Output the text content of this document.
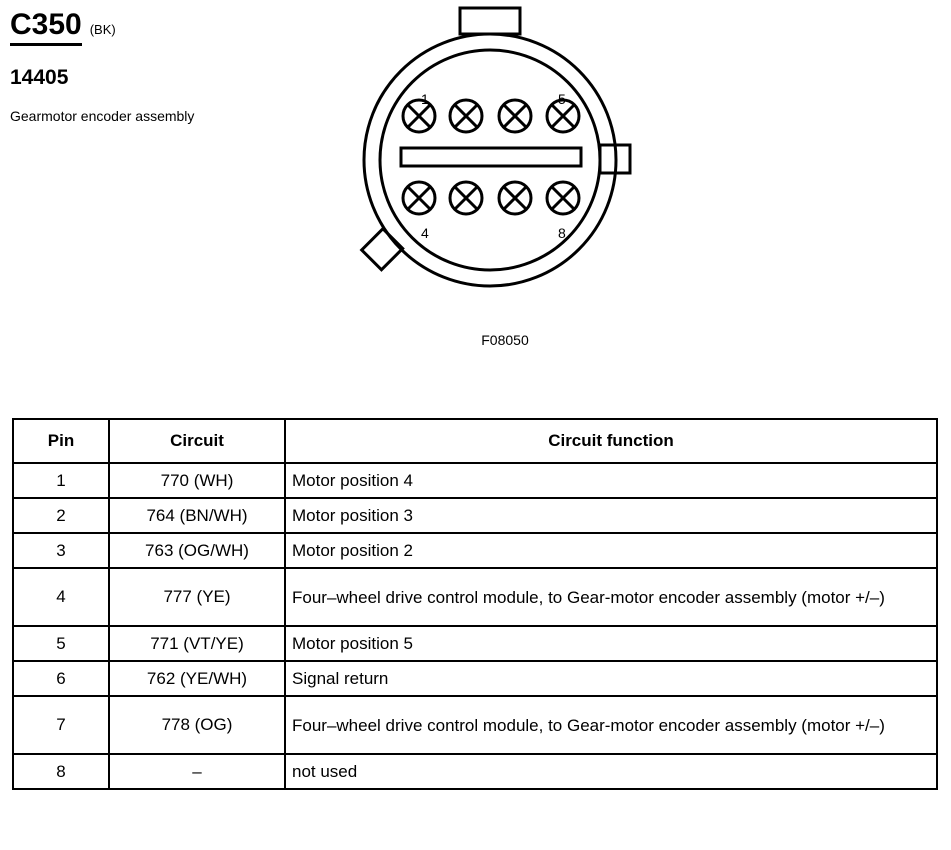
C350 (BK)
14405
Gearmotor encoder assembly
1	5
4	8
F08050
Pin	Circuit	Circuit function
1	770 (WH)	Motor position 4
2	764 (BN/WH)	Motor position 3
3	763 (OG/WH)	Motor position 2
4	777 (YE)	Four–wheel drive control module, to Gear-motor encoder assembly (motor +/–)
5	771 (VT/YE)	Motor position 5
6	762 (YE/WH)	Signal return
7	778 (OG)	Four–wheel drive control module, to Gear-motor encoder assembly (motor +/–)
8	–	not used
